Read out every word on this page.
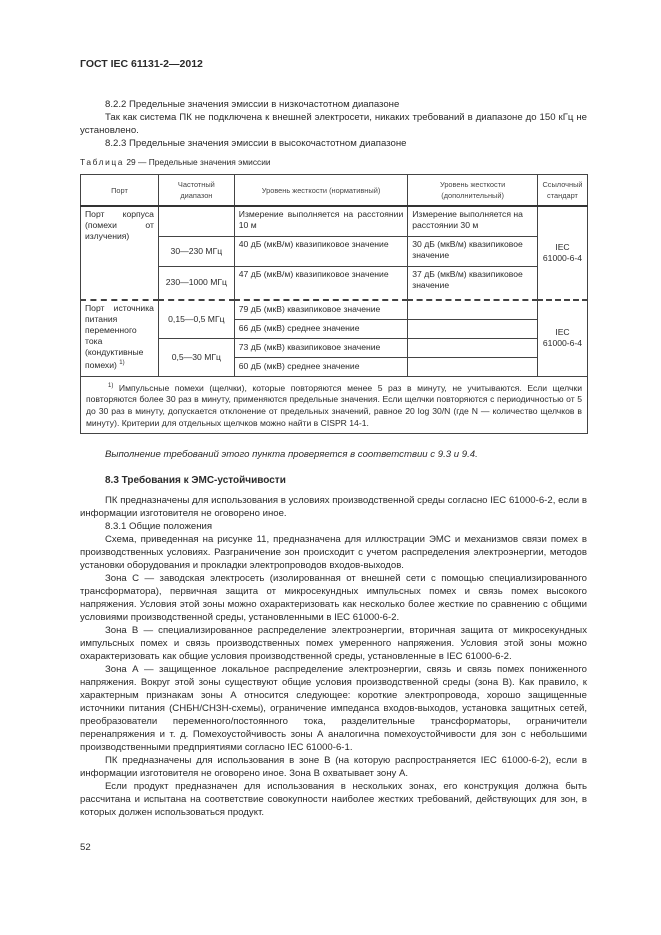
ГОСТ IEC 61131-2—2012

8.2.2 Предельные значения эмиссии в низкочастотном диапазоне

Так как система ПК не подключена к внешней электросети, никаких требований в диапазоне до 150 кГц не установлено.

8.2.3 Предельные значения эмиссии в высокочастотном диапазоне

Таблица 29 — Предельные значения эмиссии
Порт	Частотный диапазон	Уровень жесткости (нормативный)	Уровень жесткости (дополнительный)	Ссылочный стандарт
Порт корпуса (помехи от излучения)		Измерение выполняется на расстоянии 10 м	Измерение выполняется на расстоянии 30 м	IEC 61000-6-4
	30—230 МГц	40 дБ (мкВ/м) квазипиковое значение	30 дБ (мкВ/м) квазипиковое значение	
	230—1000 МГц	47 дБ (мкВ/м) квазипиковое значение	37 дБ (мкВ/м) квазипиковое значение	
Порт источника питания переменного тока (кондуктивные помехи) $^{1)}$	0,15—0,5 МГц	79 дБ (мкВ) квазипиковое значение		IEC 61000-6-4
		66 дБ (мкВ) среднее значение		
	0,5—30 МГц	73 дБ (мкВ) квазипиковое значение		
		60 дБ (мкВ) среднее значение		

$^{1)}$ Импульсные помехи (щелчки), которые повторяются менее 5 раз в минуту, не учитываются. Если щелчки повторяются более 30 раз в минуту, применяются предельные значения. Если щелчки повторяются с периодичностью от 5 до 30 раз в минуту, допускается отклонение от предельных значений, равное 20 log 30/N (где N — количество щелчков в минуту). Критерии для отдельных щелчков можно найти в CISPR 14-1.				
Выполнение требований этого пункта проверяется в соответствии с 9.3 и 9.4.
8.3 Требования к ЭМС-устойчивости

ПК предназначены для использования в условиях производственной среды согласно IEC 61000-6-2, если в информации изготовителя не оговорено иное.

8.3.1 Общие положения

Схема, приведенная на рисунке 11, предназначена для иллюстрации ЭМС и механизмов связи помех в производственных условиях. Разграничение зон происходит с учетом распределения электроэнергии, методов установки оборудования и прокладки электропроводов входов-выходов.

Зона С — заводская электросеть (изолированная от внешней сети с помощью специализированного трансформатора), первичная защита от микросекундных импульсных помех и связь помех высокого напряжения. Условия этой зоны можно охарактеризовать как несколько более жесткие по сравнению с общими условиями производственной среды, установленными в IEC 61000-6-2.

Зона В — специализированное распределение электроэнергии, вторичная защита от микросекундных импульсных помех и связь производственных помех умеренного напряжения. Условия этой зоны можно охарактеризовать как общие условия производственной среды, установленные в IEC 61000-6-2.

Зона А — защищенное локальное распределение электроэнергии, связь и связь помех пониженного напряжения. Вокруг этой зоны существуют общие условия производственной среды (зона В). Как правило, к характерным признакам зоны А относится следующее: короткие электропровода, хорошо защищенные источники питания (СНБН/СНЗН-схемы), ограничение импеданса входов-выходов, установка защитных сетей, преобразователи переменного/постоянного тока, разделительные трансформаторы, ограничители перенапряжения и т. д. Помехоустойчивость зоны А аналогична помехоустойчивости для зон с небольшими производственными предприятиями согласно IEC 61000-6-1.

ПК предназначены для использования в зоне В (на которую распространяется IEC 61000-6-2), если в информации изготовителя не оговорено иное. Зона В охватывает зону А.

Если продукт предназначен для использования в нескольких зонах, его конструкция должна быть рассчитана и испытана на соответствие совокупности наиболее жестких требований, действующих для зон, в которых должен использоваться продукт.

52
